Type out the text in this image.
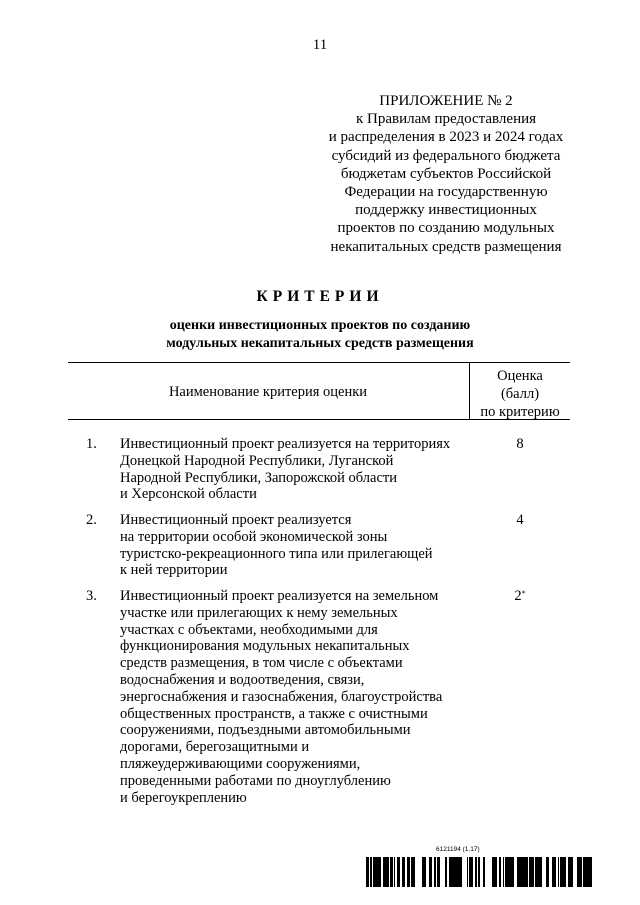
11
ПРИЛОЖЕНИЕ № 2
к Правилам предоставления
и распределения в 2023 и 2024 годах
субсидий из федерального бюджета
бюджетам субъектов Российской
Федерации на государственную
поддержку инвестиционных
проектов по созданию модульных
некапитальных средств размещения
КРИТЕРИИ
оценки инвестиционных проектов по созданию
модульных некапитальных средств размещения
Наименование критерия оценки
Оценка
(балл)
по критерию
1. Инвестиционный проект реализуется на территориях
Донецкой Народной Республики, Луганской
Народной Республики, Запорожской области
и Херсонской области
8
2. Инвестиционный проект реализуется
на территории особой экономической зоны
туристско-рекреационного типа или прилегающей
к ней территории
4
3. Инвестиционный проект реализуется на земельном
участке или прилегающих к нему земельных
участках с объектами, необходимыми для
функционирования модульных некапитальных
средств размещения, в том числе с объектами
водоснабжения и водоотведения, связи,
энергоснабжения и газоснабжения, благоустройства
общественных пространств, а также с очистными
сооружениями, подъездными автомобильными
дорогами, берегозащитными и
пляжеудерживающими сооружениями,
проведенными работами по дноуглублению
и берегоукреплению
2*
6121194 (1.17)
